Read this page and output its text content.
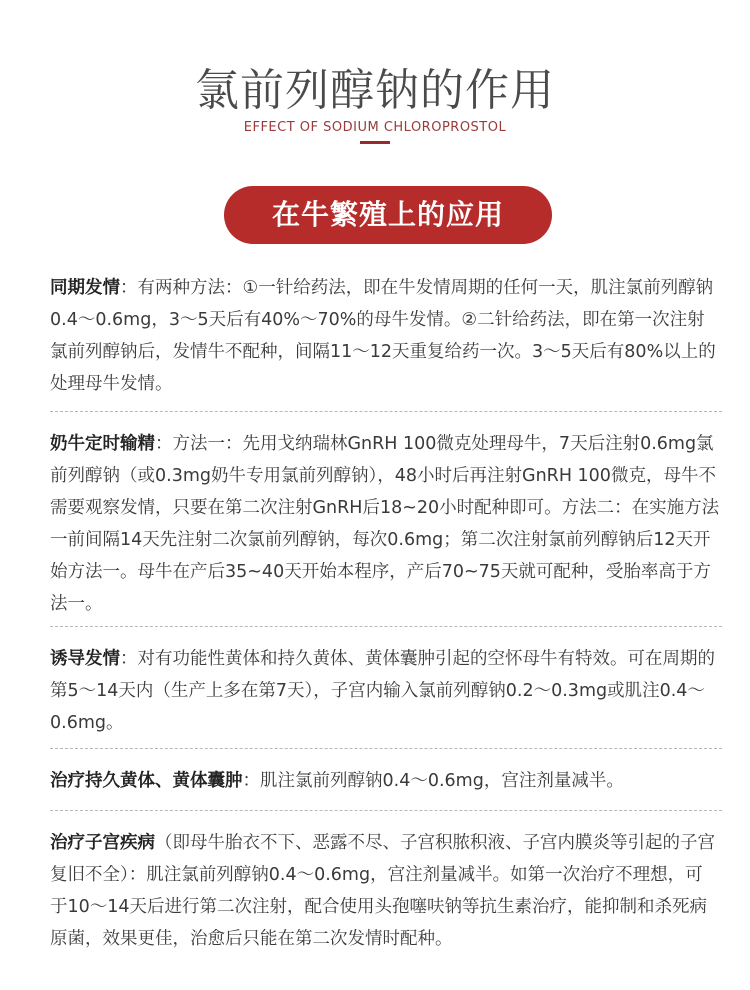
氯前列醇钠的作用
EFFECT OF SODIUM CHLOROPROSTOL
在牛繁殖上的应用
同期发情：有两种方法：①一针给药法，即在牛发情周期的任何一天，肌注氯前列醇钠0.4～0.6mg，3～5天后有40%～70%的母牛发情。②二针给药法，即在第一次注射氯前列醇钠后，发情牛不配种，间隔11～12天重复给药一次。3～5天后有80%以上的处理母牛发情。
奶牛定时输精：方法一：先用戈纳瑞林GnRH 100微克处理母牛，7天后注射0.6mg氯前列醇钠（或0.3mg奶牛专用氯前列醇钠），48小时后再注射GnRH 100微克，母牛不需要观察发情，只要在第二次注射GnRH后18~20小时配种即可。方法二：在实施方法一前间隔14天先注射二次氯前列醇钠，每次0.6mg；第二次注射氯前列醇钠后12天开始方法一。母牛在产后35~40天开始本程序，产后70~75天就可配种，受胎率高于方法一。
诱导发情：对有功能性黄体和持久黄体、黄体囊肿引起的空怀母牛有特效。可在周期的第5～14天内（生产上多在第7天），子宫内输入氯前列醇钠0.2～0.3mg或肌注0.4～0.6mg。
治疗持久黄体、黄体囊肿：肌注氯前列醇钠0.4～0.6mg，宫注剂量减半。
治疗子宫疾病（即母牛胎衣不下、恶露不尽、子宫积脓积液、子宫内膜炎等引起的子宫复旧不全）：肌注氯前列醇钠0.4～0.6mg，宫注剂量减半。如第一次治疗不理想，可于10～14天后进行第二次注射，配合使用头孢噻呋钠等抗生素治疗，能抑制和杀死病原菌，效果更佳，治愈后只能在第二次发情时配种。
